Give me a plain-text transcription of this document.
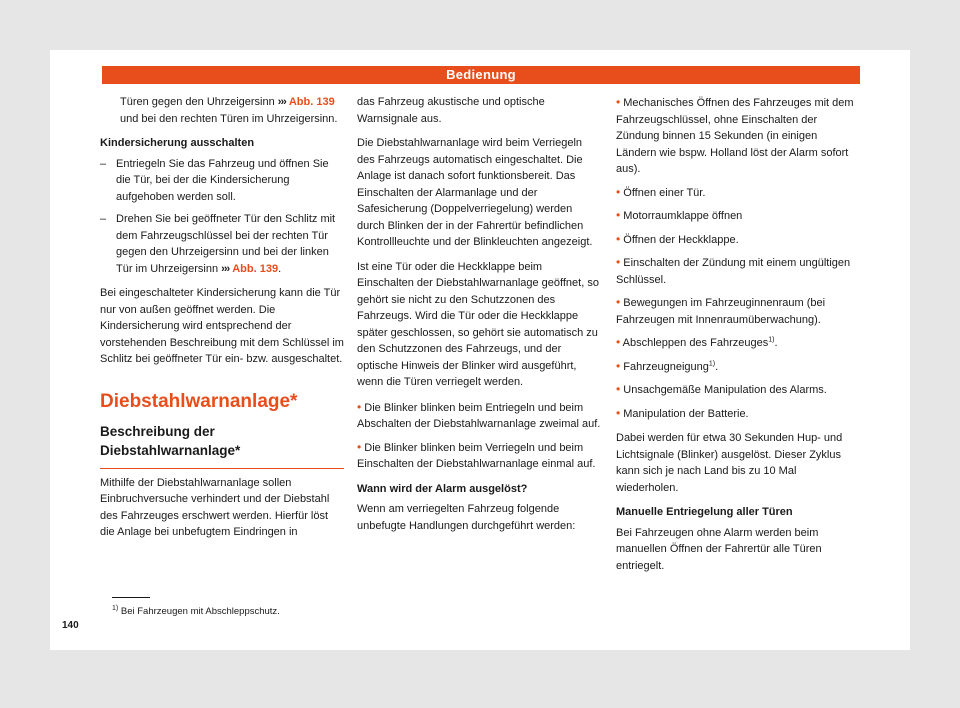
Bedienung

Türen gegen den Uhrzeigersinn ››› Abb. 139 und bei den rechten Türen im Uhrzeigersinn.

Kindersicherung ausschalten

– Entriegeln Sie das Fahrzeug und öffnen Sie die Tür, bei der die Kindersicherung aufgehoben werden soll.
– Drehen Sie bei geöffneter Tür den Schlitz mit dem Fahrzeugschlüssel bei der rechten Tür gegen den Uhrzeigersinn und bei der linken Tür im Uhrzeigersinn ››› Abb. 139.

Bei eingeschalteter Kindersicherung kann die Tür nur von außen geöffnet werden. Die Kindersicherung wird entsprechend der vorstehenden Beschreibung mit dem Schlüssel im Schlitz bei geöffneter Tür ein- bzw. ausgeschaltet.

Diebstahlwarnanlage*
Beschreibung der Diebstahlwarnanlage*

Mithilfe der Diebstahlwarnanlage sollen Einbruchversuche verhindert und der Diebstahl des Fahrzeuges erschwert werden. Hierfür löst die Anlage bei unbefugtem Eindringen in

das Fahrzeug akustische und optische Warnsignale aus.

Die Diebstahlwarnanlage wird beim Verriegeln des Fahrzeugs automatisch eingeschaltet. Die Anlage ist danach sofort funktionsbereit. Das Einschalten der Alarmanlage und der Safesicherung (Doppelverriegelung) werden durch Blinken der in der Fahrertür befindlichen Kontrollleuchte und der Blinkleuchten angezeigt.

Ist eine Tür oder die Heckklappe beim Einschalten der Diebstahlwarnanlage geöffnet, so gehört sie nicht zu den Schutzzonen des Fahrzeugs. Wird die Tür oder die Heckklappe später geschlossen, so gehört sie automatisch zu den Schutzzonen des Fahrzeugs, und der optische Hinweis der Blinker wird ausgeführt, wenn die Türen verriegelt werden.

• Die Blinker blinken beim Entriegeln und beim Abschalten der Diebstahlwarnanlage zweimal auf.
• Die Blinker blinken beim Verriegeln und beim Einschalten der Diebstahlwarnanlage einmal auf.

Wann wird der Alarm ausgelöst?

Wenn am verriegelten Fahrzeug folgende unbefugte Handlungen durchgeführt werden:

• Mechanisches Öffnen des Fahrzeuges mit dem Fahrzeugschlüssel, ohne Einschalten der Zündung binnen 15 Sekunden (in einigen Ländern wie bspw. Holland löst der Alarm sofort aus).
• Öffnen einer Tür.
• Motorraumklappe öffnen
• Öffnen der Heckklappe.
• Einschalten der Zündung mit einem ungültigen Schlüssel.
• Bewegungen im Fahrzeuginnenraum (bei Fahrzeugen mit Innenraumüberwachung).
• Abschleppen des Fahrzeuges$^{1)}$.
• Fahrzeugneigung$^{1)}$.
• Unsachgemäße Manipulation des Alarms.
• Manipulation der Batterie.

Dabei werden für etwa 30 Sekunden Hup- und Lichtsignale (Blinker) ausgelöst. Dieser Zyklus kann sich je nach Land bis zu 10 Mal wiederholen.

Manuelle Entriegelung aller Türen

Bei Fahrzeugen ohne Alarm werden beim manuellen Öffnen der Fahrertür alle Türen entriegelt.

$^{1)}$ Bei Fahrzeugen mit Abschleppschutz.
140
